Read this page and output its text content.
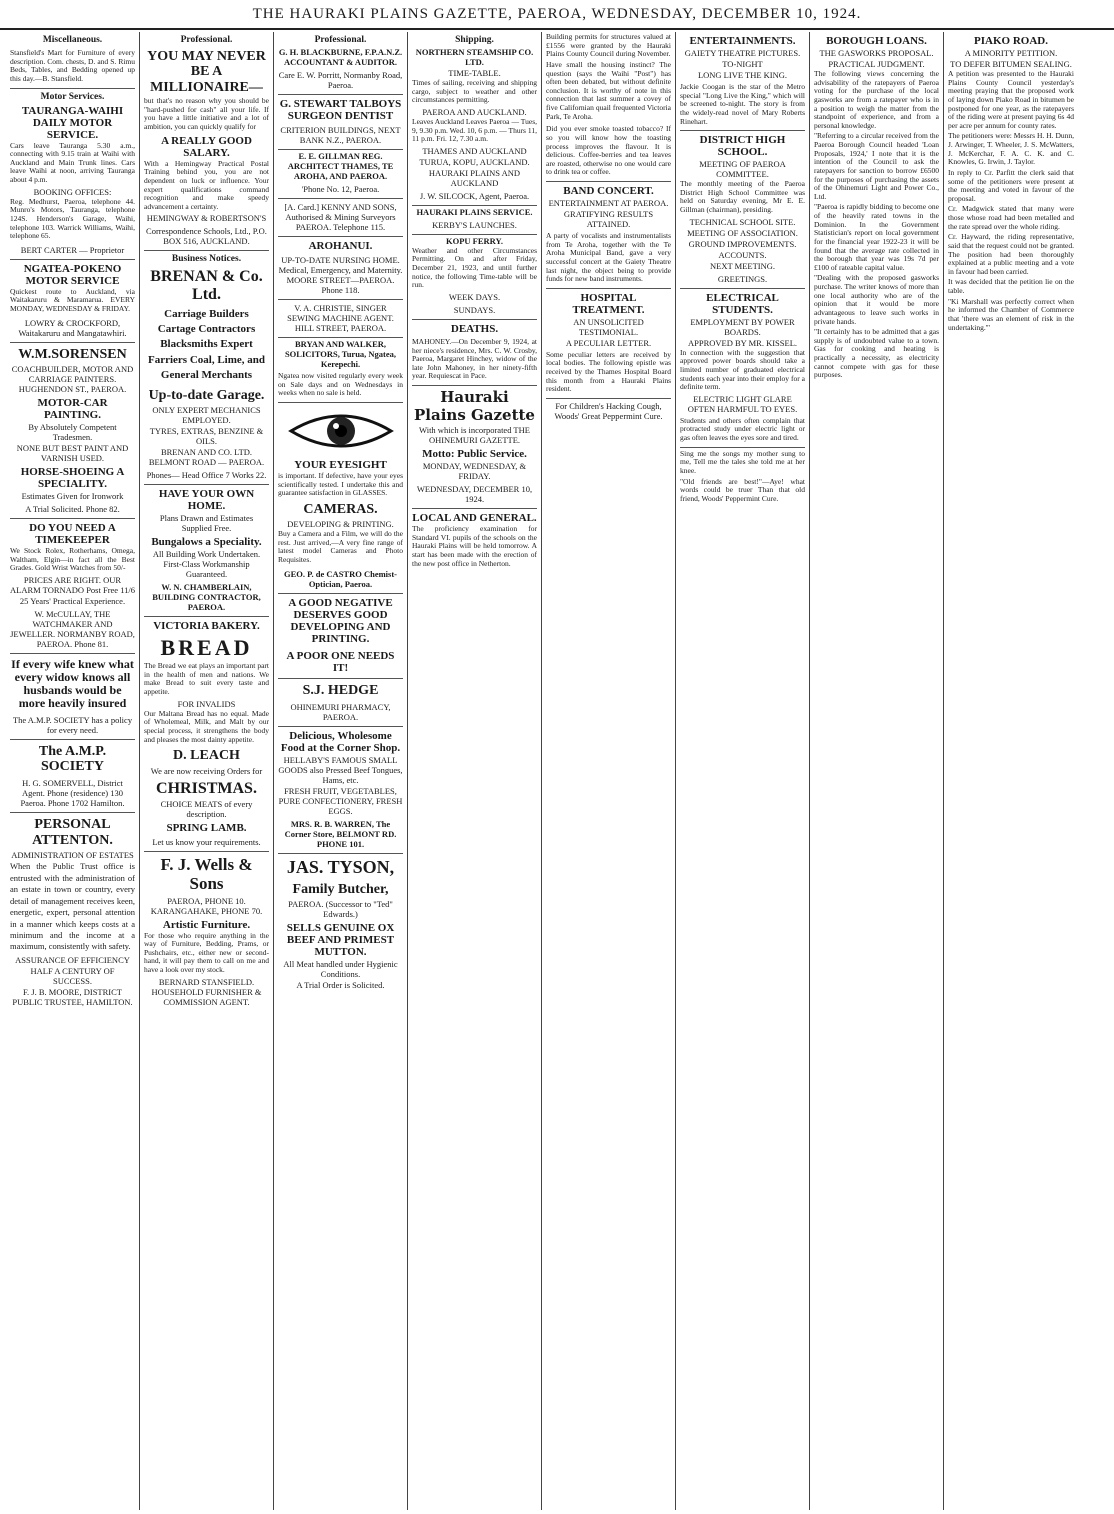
THE HAURAKI PLAINS GAZETTE, PAEROA, WEDNESDAY, DECEMBER 10, 1924.
Miscellaneous.
Stansfield's Mart for Furniture of every description. Com. chests, D. and S. Rimu Beds, Tables, and Bedding opened up this day.—B. Stansfield.
Motor Services.
TAURANGA-WAIHI DAILY MOTOR SERVICE.
Cars leave Tauranga 5.30 a.m., connecting with 9.15 train at Waihi with Auckland and Main Trunk lines. Cars leave Waihi at noon, arriving Tauranga about 4 p.m.
BOOKING OFFICES:
Reg. Medhurst, Paeroa, telephone 44. Munro's Motors, Tauranga, telephone 124S. Henderson's Garage, Waihi, telephone 103. Warrick Williams, Waihi, telephone 65.
BERT CARTER — Proprietor
NGATEA-POKENO MOTOR SERVICE
Quickest route to Auckland, via Waitakaruru & Maramarua. EVERY MONDAY, WEDNESDAY & FRIDAY.
LOWRY & CROCKFORD, Waitakaruru and Mangatawhiri.
W.M.SORENSEN
COACHBUILDER, MOTOR AND CARRIAGE PAINTERS. HUGHENDON ST., PAEROA.
MOTOR-CAR PAINTING.
By Absolutely Competent Tradesmen.
NONE BUT BEST PAINT AND VARNISH USED.
HORSE-SHOEING A SPECIALITY.
Estimates Given for Ironwork
A Trial Solicited. Phone 82.
DO YOU NEED A TIMEKEEPER
We Stock Rolex, Rotherhams, Omega, Waltham, Elgin—in fact all the Best Grades. Gold Wrist Watches from 50/-
PRICES ARE RIGHT. OUR ALARM TORNADO Post Free 11/6
25 Years' Practical Experience.
W. McCULLAY, THE WATCHMAKER AND JEWELLER. NORMANBY ROAD, PAEROA. Phone 81.
If every wife knew what every widow knows all husbands would be more heavily insured
The A.M.P. SOCIETY has a policy for every need.
The A.M.P. SOCIETY
H. G. SOMERVELL, District Agent. Phone (residence) 130 Paeroa. Phone 1702 Hamilton.
PERSONAL ATTENTON.
ADMINISTRATION OF ESTATES
When the Public Trust office is entrusted with the administration of an estate in town or country, every detail of management receives keen, energetic, expert, personal attention in a manner which keeps costs at a minimum and the income at a maximum, consistently with safety.
ASSURANCE OF EFFICIENCY
HALF A CENTURY OF SUCCESS.
F. J. B. MOORE, DISTRICT PUBLIC TRUSTEE, HAMILTON.
Professional.
YOU MAY NEVER BE A MILLIONAIRE—
but that's no reason why you should be "hard-pushed for cash" all your life. If you have a little initiative and a lot of ambition, you can quickly qualify for
A REALLY GOOD SALARY.
With a Hemingway Practical Postal Training behind you, you are not dependent on luck or influence. Your expert qualifications command recognition and make speedy advancement a certainty.
HEMINGWAY & ROBERTSON'S
Correspondence Schools, Ltd., P.O. BOX 516, AUCKLAND.
Business Notices.
BRENAN & Co. Ltd.
Carriage Builders Cartage Contractors Blacksmiths Expert Farriers Coal, Lime, and General Merchants
Up-to-date Garage.
ONLY EXPERT MECHANICS EMPLOYED.
TYRES, EXTRAS, BENZINE & OILS.
BRENAN AND CO. LTD. BELMONT ROAD — PAEROA.
Phones— Head Office 7 Works 22.
HAVE YOUR OWN HOME.
Plans Drawn and Estimates Supplied Free.
Bungalows a Speciality.
All Building Work Undertaken. First-Class Workmanship Guaranteed.
W. N. CHAMBERLAIN, BUILDING CONTRACTOR, PAEROA.
VICTORIA BAKERY.
BREAD
The Bread we eat plays an important part in the health of men and nations. We make Bread to suit every taste and appetite.
FOR INVALIDS
Our Maltana Bread has no equal. Made of Wholemeal, Milk, and Malt by our special process, it strengthens the body and pleases the most dainty appetite.
D. LEACH
We are now receiving Orders for
CHRISTMAS.
CHOICE MEATS of every description.
SPRING LAMB.
Let us know your requirements.
F. J. Wells & Sons
PAEROA, PHONE 10. KARANGAHAKE, PHONE 70.
Artistic Furniture.
For those who require anything in the way of Furniture, Bedding, Prams, or Pushchairs, etc., either new or second-hand, it will pay them to call on me and have a look over my stock.
BERNARD STANSFIELD. HOUSEHOLD FURNISHER & COMMISSION AGENT.
Professional.
G. H. BLACKBURNE, F.P.A.N.Z. ACCOUNTANT & AUDITOR.
Care E. W. Porritt, Normanby Road, Paeroa.
G. STEWART TALBOYS SURGEON DENTIST
CRITERION BUILDINGS, NEXT BANK N.Z., PAEROA.
E. E. GILLMAN REG. ARCHITECT THAMES, TE AROHA, AND PAEROA.
'Phone No. 12, Paeroa.
[A. Card.] KENNY AND SONS, Authorised & Mining Surveyors PAEROA. Telephone 115.
AROHANUI.
UP-TO-DATE NURSING HOME. Medical, Emergency, and Maternity. MOORE STREET—PAEROA. Phone 118.
V. A. CHRISTIE, SINGER SEWING MACHINE AGENT. HILL STREET, PAEROA.
BRYAN AND WALKER, SOLICITORS, Turua, Ngatea, Kerepechi.
Ngatea now visited regularly every week on Sale days and on Wednesdays in weeks when no sale is held.
YOUR EYESIGHT
is important. If defective, have your eyes scientifically tested. I undertake this and guarantee satisfaction in GLASSES.
CAMERAS.
DEVELOPING & PRINTING.
Buy a Camera and a Film, we will do the rest. Just arrived,—A very fine range of latest model Cameras and Photo Requisites.
GEO. P. de CASTRO Chemist-Optician, Paeroa.
A GOOD NEGATIVE DESERVES GOOD DEVELOPING AND PRINTING.
A POOR ONE NEEDS IT!
S.J. HEDGE
OHINEMURI PHARMACY, PAEROA.
Delicious, Wholesome Food at the Corner Shop.
HELLABY'S FAMOUS SMALL GOODS also Pressed Beef Tongues, Hams, etc.
FRESH FRUIT, VEGETABLES, PURE CONFECTIONERY, FRESH EGGS.
MRS. R. B. WARREN, The Corner Store, BELMONT RD. PHONE 101.
JAS. TYSON,
Family Butcher,
PAEROA. (Successor to "Ted" Edwards.)
SELLS GENUINE OX BEEF AND PRIMEST MUTTON.
All Meat handled under Hygienic Conditions.
A Trial Order is Solicited.
Shipping.
NORTHERN STEAMSHIP CO. LTD.
TIME-TABLE.
Times of sailing, receiving and shipping cargo, subject to weather and other circumstances permitting.
PAEROA AND AUCKLAND.
Leaves Auckland Leaves Paeroa — Tues, 9, 9.30 p.m. Wed. 10, 6 p.m. — Thurs 11, 11 p.m. Fri. 12, 7.30 a.m.
THAMES AND AUCKLAND
TURUA, KOPU, AUCKLAND.
HAURAKI PLAINS AND AUCKLAND
J. W. SILCOCK, Agent, Paeroa.
HAURAKI PLAINS SERVICE.
KERBY'S LAUNCHES.
KOPU FERRY.
Weather and other Circumstances Permitting. On and after Friday, December 21, 1923, and until further notice, the following Time-table will be run.
WEEK DAYS.
SUNDAYS.
DEATHS.
MAHONEY.—On December 9, 1924, at her niece's residence, Mrs. C. W. Crosby, Paeroa, Margaret Hinchey, widow of the late John Mahoney, in her ninety-fifth year. Requiescat in Pace.
Hauraki Plains Gazette
With which is incorporated THE OHINEMURI GAZETTE.
Motto: Public Service.
MONDAY, WEDNESDAY, & FRIDAY.
WEDNESDAY, DECEMBER 10, 1924.
LOCAL AND GENERAL.
The proficiency examination for Standard VI. pupils of the schools on the Hauraki Plains will be held tomorrow. A start has been made with the erection of the new post office in Netherton.
Building permits for structures valued at £1556 were granted by the Hauraki Plains County Council during November.
Have small the housing instinct? The question (says the Waihi "Post") has often been debated, but without definite conclusion. It is worthy of note in this connection that last summer a covey of five Californian quail frequented Victoria Park, Te Aroha.
Did you ever smoke toasted tobacco? If so you will know how the toasting process improves the flavour. It is delicious. Coffee-berries and tea leaves are roasted, otherwise no one would care to drink tea or coffee.
BAND CONCERT.
ENTERTAINMENT AT PAEROA.
GRATIFYING RESULTS ATTAINED.
A party of vocalists and instrumentalists from Te Aroha, together with the Te Aroha Municipal Band, gave a very successful concert at the Gaiety Theatre last night, the object being to provide funds for new band instruments.
HOSPITAL TREATMENT.
AN UNSOLICITED TESTIMONIAL.
A PECULIAR LETTER.
Some peculiar letters are received by local bodies. The following epistle was received by the Thames Hospital Board this month from a Hauraki Plains resident.
For Children's Hacking Cough, Woods' Great Peppermint Cure.
ENTERTAINMENTS.
GAIETY THEATRE PICTURES.
TO-NIGHT
LONG LIVE THE KING.
Jackie Coogan is the star of the Metro special "Long Live the King," which will be screened to-night. The story is from the widely-read novel of Mary Roberts Rinehart.
DISTRICT HIGH SCHOOL.
MEETING OF PAEROA COMMITTEE.
The monthly meeting of the Paeroa District High School Committee was held on Saturday evening, Mr E. E. Gillman (chairman), presiding.
TECHNICAL SCHOOL SITE.
MEETING OF ASSOCIATION.
GROUND IMPROVEMENTS.
ACCOUNTS.
NEXT MEETING.
GREETINGS.
ELECTRICAL STUDENTS.
EMPLOYMENT BY POWER BOARDS.
APPROVED BY MR. KISSEL.
In connection with the suggestion that approved power boards should take a limited number of graduated electrical students each year into their employ for a definite term.
ELECTRIC LIGHT GLARE OFTEN HARMFUL TO EYES.
Students and others often complain that protracted study under electric light or gas often leaves the eyes sore and tired.
Sing me the songs my mother sung to me, Tell me the tales she told me at her knee.
"Old friends are best!"—Aye! what words could be truer Than that old friend, Woods' Peppermint Cure.
BOROUGH LOANS.
THE GASWORKS PROPOSAL.
PRACTICAL JUDGMENT.
The following views concerning the advisability of the ratepayers of Paeroa voting for the purchase of the local gasworks are from a ratepayer who is in a position to weigh the matter from the standpoint of experience, and from a personal knowledge.
"Referring to a circular received from the Paeroa Borough Council headed 'Loan Proposals, 1924,' I note that it is the intention of the Council to ask the ratepayers for sanction to borrow £6500 for the purposes of purchasing the assets of the Ohinemuri Light and Power Co., Ltd.
"Paeroa is rapidly bidding to become one of the heavily rated towns in the Dominion. In the Government Statistician's report on local government for the financial year 1922-23 it will be found that the average rate collected in the borough that year was 19s 7d per £100 of rateable capital value.
"Dealing with the proposed gasworks purchase. The writer knows of more than one local authority who are of the opinion that it would be more advantageous to leave such works in private hands.
"It certainly has to be admitted that a gas supply is of undoubted value to a town. Gas for cooking and heating is practically a necessity, as electricity cannot compete with gas for these purposes.
PIAKO ROAD.
A MINORITY PETITION.
TO DEFER BITUMEN SEALING.
A petition was presented to the Hauraki Plains County Council yesterday's meeting praying that the proposed work of laying down Piako Road in bitumen be postponed for one year, as the ratepayers of the riding were at present paying 6s 4d per acre per annum for county rates.
The petitioners were: Messrs H. H. Dunn, J. Arwinger, T. Wheeler, J. S. McWatters, J. McKerchar, F. A. C. K. and C. Knowles, G. Irwin, J. Taylor.
In reply to Cr. Parfitt the clerk said that some of the petitioners were present at the meeting and voted in favour of the proposal.
Cr. Madgwick stated that many were those whose road had been metalled and the rate spread over the whole riding.
Cr. Hayward, the riding representative, said that the request could not be granted. The position had been thoroughly explained at a public meeting and a vote in favour had been carried.
It was decided that the petition lie on the table.
"Ki Marshall was perfectly correct when he informed the Chamber of Commerce that 'there was an element of risk in the undertaking.'"
